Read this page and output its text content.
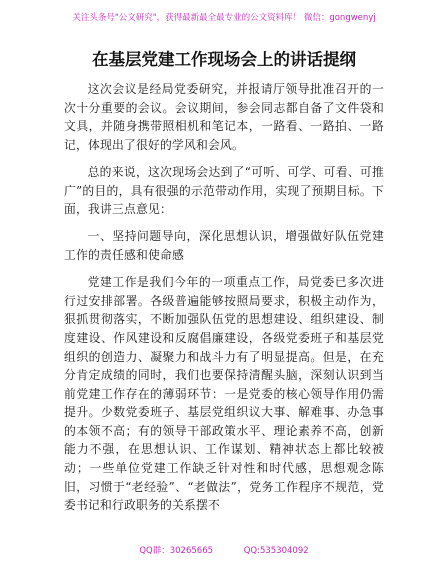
关注头条号"公文研究"，获得最新最全最专业的公文资料库！ 微信：gongwenyj
在基层党建工作现场会上的讲话提纲

这次会议是经局党委研究，并报请厅领导批准召开的一次十分重要的会议。会议期间，参会同志都自备了文件袋和文具，并随身携带照相机和笔记本，一路看、一路拍、一路记，体现出了很好的学风和会风。

总的来说，这次现场会达到了“可听、可学、可看、可推广”的目的，具有很强的示范带动作用，实现了预期目标。下面，我讲三点意见：

一、坚持问题导向，深化思想认识，增强做好队伍党建工作的责任感和使命感

党建工作是我们今年的一项重点工作，局党委已多次进行过安排部署。各级普遍能够按照局要求，积极主动作为，狠抓贯彻落实，不断加强队伍党的思想建设、组织建设、制度建设、作风建设和反腐倡廉建设，各级党委班子和基层党组织的创造力、凝聚力和战斗力有了明显提高。但是，在充分肯定成绩的同时，我们也要保持清醒头脑，深刻认识到当前党建工作存在的薄弱环节：一是党委的核心领导作用仍需提升。少数党委班子、基层党组织议大事、解难事、办急事的本领不高；有的领导干部政策水平、理论素养不高，创新能力不强，在思想认识、工作谋划、精神状态上都比较被动；一些单位党建工作缺乏针对性和时代感，思想观念陈旧，习惯于“老经验”、“老做法”，党务工作程序不规范，党委书记和行政职务的关系摆不

QQ群：30265665	QQ:535304092
